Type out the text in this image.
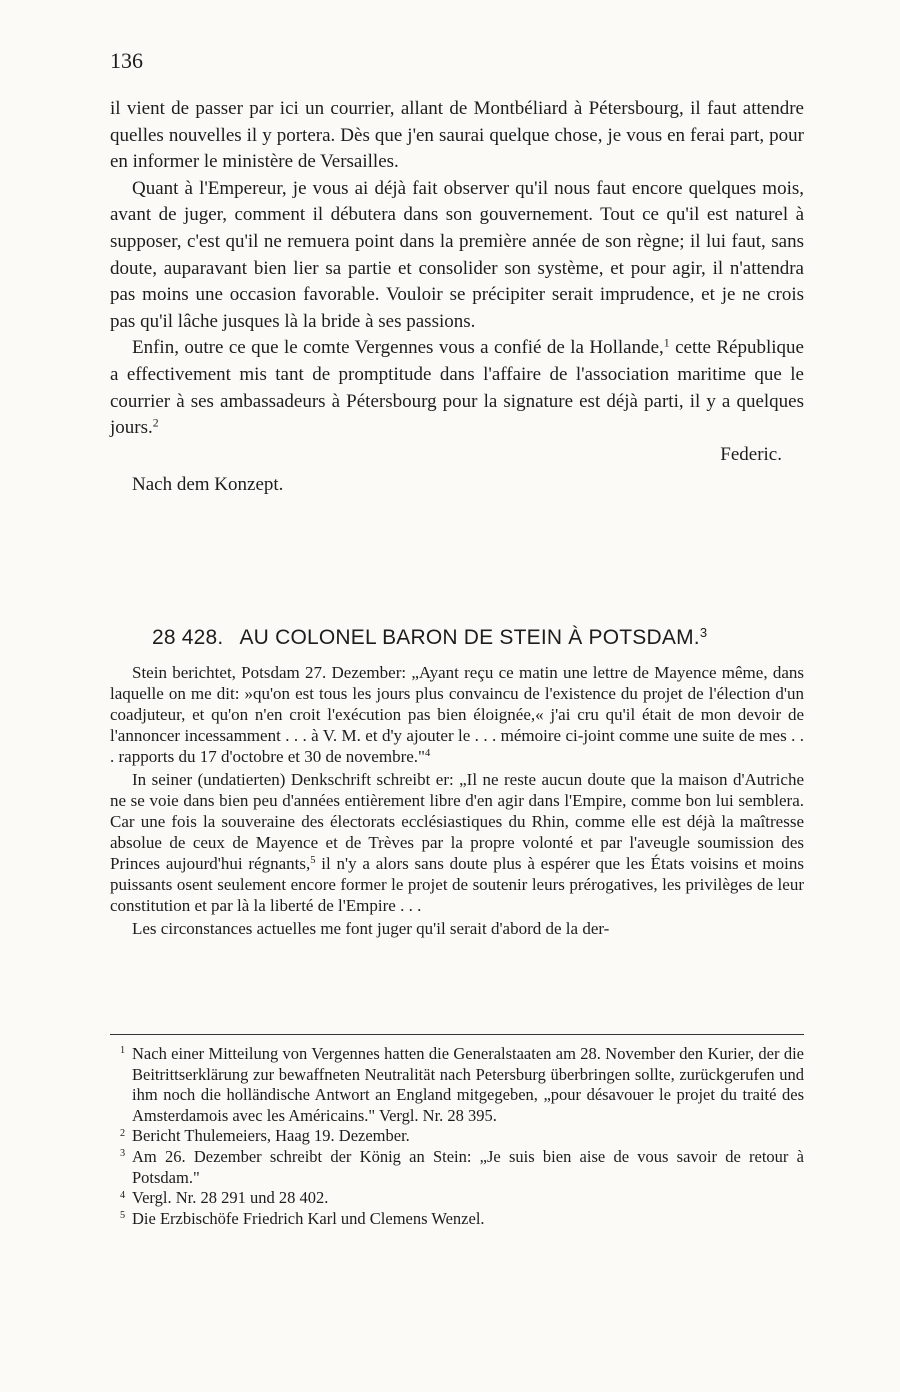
136

il vient de passer par ici un courrier, allant de Montbéliard à Pétersbourg, il faut attendre quelles nouvelles il y portera. Dès que j'en saurai quelque chose, je vous en ferai part, pour en informer le ministère de Versailles.

Quant à l'Empereur, je vous ai déjà fait observer qu'il nous faut encore quelques mois, avant de juger, comment il débutera dans son gouvernement. Tout ce qu'il est naturel à supposer, c'est qu'il ne remuera point dans la première année de son règne; il lui faut, sans doute, auparavant bien lier sa partie et consolider son système, et pour agir, il n'attendra pas moins une occasion favorable. Vouloir se précipiter serait imprudence, et je ne crois pas qu'il lâche jusques là la bride à ses passions.

Enfin, outre ce que le comte Vergennes vous a confié de la Hollande,$^1$ cette République a effectivement mis tant de promptitude dans l'affaire de l'association maritime que le courrier à ses ambassadeurs à Pétersbourg pour la signature est déjà parti, il y a quelques jours.$^2$

Federic.
Nach dem Konzept.
28 428. AU COLONEL BARON DE STEIN À POTSDAM.$^3$

Stein berichtet, Potsdam 27. Dezember: „Ayant reçu ce matin une lettre de Mayence même, dans laquelle on me dit: »qu'on est tous les jours plus convaincu de l'existence du projet de l'élection d'un coadjuteur, et qu'on n'en croit l'exécution pas bien éloignée,« j'ai cru qu'il était de mon devoir de l'annoncer incessamment . . . à V. M. et d'y ajouter le . . . mémoire ci-joint comme une suite de mes . . . rapports du 17 d'octobre et 30 de novembre."$^4$

In seiner (undatierten) Denkschrift schreibt er: „Il ne reste aucun doute que la maison d'Autriche ne se voie dans bien peu d'années entièrement libre d'en agir dans l'Empire, comme bon lui semblera. Car une fois la souveraine des électorats ecclésiastiques du Rhin, comme elle est déjà la maîtresse absolue de ceux de Mayence et de Trèves par la propre volonté et par l'aveugle soumission des Princes aujourd'hui régnants,$^5$ il n'y a alors sans doute plus à espérer que les États voisins et moins puissants osent seulement encore former le projet de soutenir leurs prérogatives, les privilèges de leur constitution et par là la liberté de l'Empire . . .

Les circonstances actuelles me font juger qu'il serait d'abord de la der-

$^1$ Nach einer Mitteilung von Vergennes hatten die Generalstaaten am 28. November den Kurier, der die Beitrittserklärung zur bewaffneten Neutralität nach Petersburg überbringen sollte, zurückgerufen und ihm noch die holländische Antwort an England mitgegeben, „pour désavouer le projet du traité des Amsterdamois avec les Américains." Vergl. Nr. 28 395.

$^2$ Bericht Thulemeiers, Haag 19. Dezember.

$^3$ Am 26. Dezember schreibt der König an Stein: „Je suis bien aise de vous savoir de retour à Potsdam."

$^4$ Vergl. Nr. 28 291 und 28 402.

$^5$ Die Erzbischöfe Friedrich Karl und Clemens Wenzel.
